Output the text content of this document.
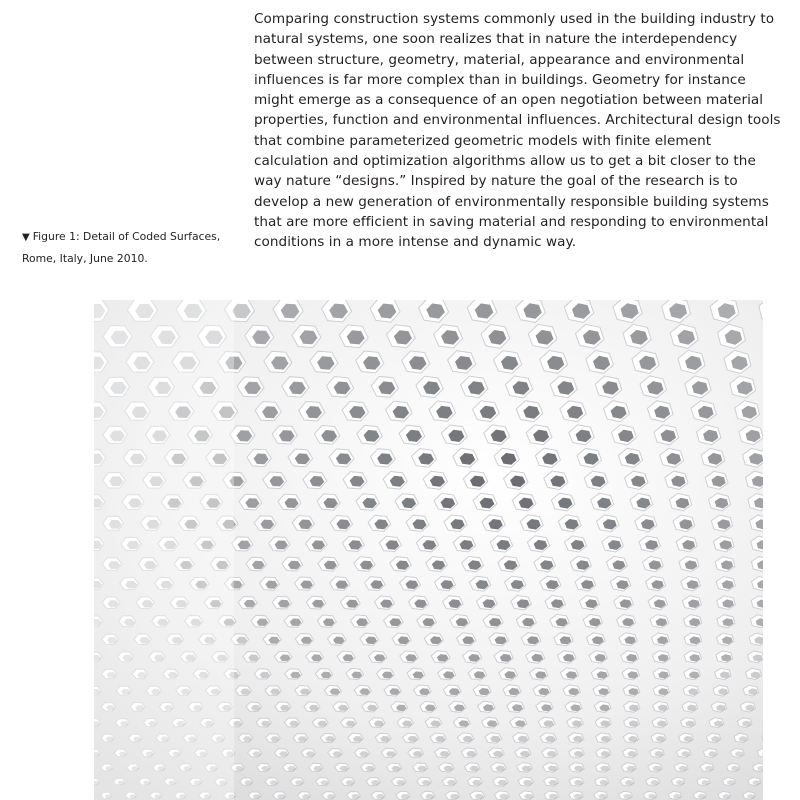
Comparing construction systems commonly used in the building industry to natural systems, one soon realizes that in nature the interdependency between structure, geometry, material, appearance and environmental influences is far more complex than in buildings. Geometry for instance might emerge as a consequence of an open negotiation between material properties, function and environmental influences. Architectural design tools that combine parameterized geometric models with finite element calculation and optimization algorithms allow us to get a bit closer to the way nature “designs.” Inspired by nature the goal of the research is to develop a new generation of environmentally responsible building systems that are more efficient in saving material and responding to environmental conditions in a more intense and dynamic way.

▼ Figure 1: Detail of Coded Surfaces, Rome, Italy, June 2010.
